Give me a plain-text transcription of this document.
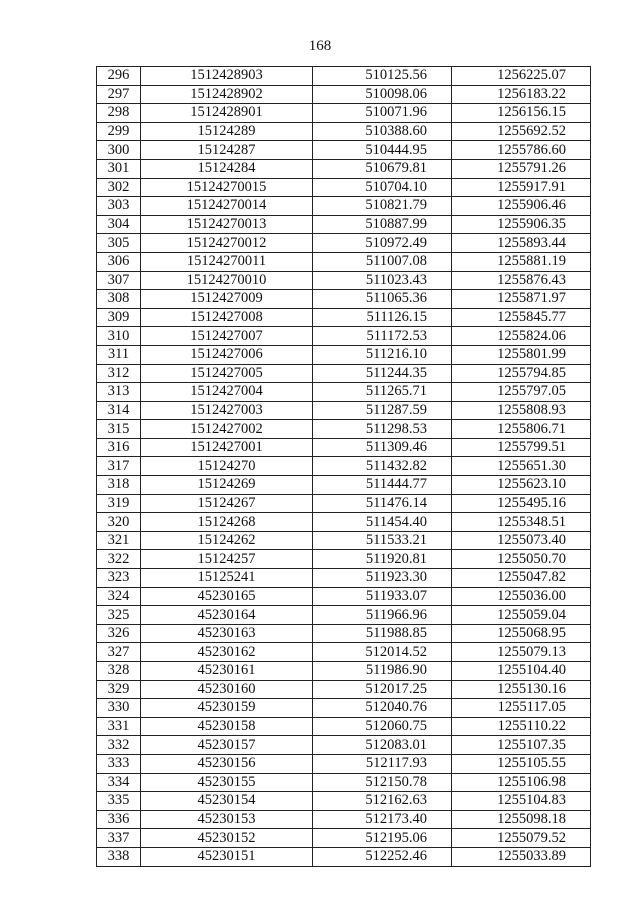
168
296	1512428903	510125.56	1256225.07
297	1512428902	510098.06	1256183.22
298	1512428901	510071.96	1256156.15
299	15124289	510388.60	1255692.52
300	15124287	510444.95	1255786.60
301	15124284	510679.81	1255791.26
302	15124270015	510704.10	1255917.91
303	15124270014	510821.79	1255906.46
304	15124270013	510887.99	1255906.35
305	15124270012	510972.49	1255893.44
306	15124270011	511007.08	1255881.19
307	15124270010	511023.43	1255876.43
308	1512427009	511065.36	1255871.97
309	1512427008	511126.15	1255845.77
310	1512427007	511172.53	1255824.06
311	1512427006	511216.10	1255801.99
312	1512427005	511244.35	1255794.85
313	1512427004	511265.71	1255797.05
314	1512427003	511287.59	1255808.93
315	1512427002	511298.53	1255806.71
316	1512427001	511309.46	1255799.51
317	15124270	511432.82	1255651.30
318	15124269	511444.77	1255623.10
319	15124267	511476.14	1255495.16
320	15124268	511454.40	1255348.51
321	15124262	511533.21	1255073.40
322	15124257	511920.81	1255050.70
323	15125241	511923.30	1255047.82
324	45230165	511933.07	1255036.00
325	45230164	511966.96	1255059.04
326	45230163	511988.85	1255068.95
327	45230162	512014.52	1255079.13
328	45230161	511986.90	1255104.40
329	45230160	512017.25	1255130.16
330	45230159	512040.76	1255117.05
331	45230158	512060.75	1255110.22
332	45230157	512083.01	1255107.35
333	45230156	512117.93	1255105.55
334	45230155	512150.78	1255106.98
335	45230154	512162.63	1255104.83
336	45230153	512173.40	1255098.18
337	45230152	512195.06	1255079.52
338	45230151	512252.46	1255033.89
